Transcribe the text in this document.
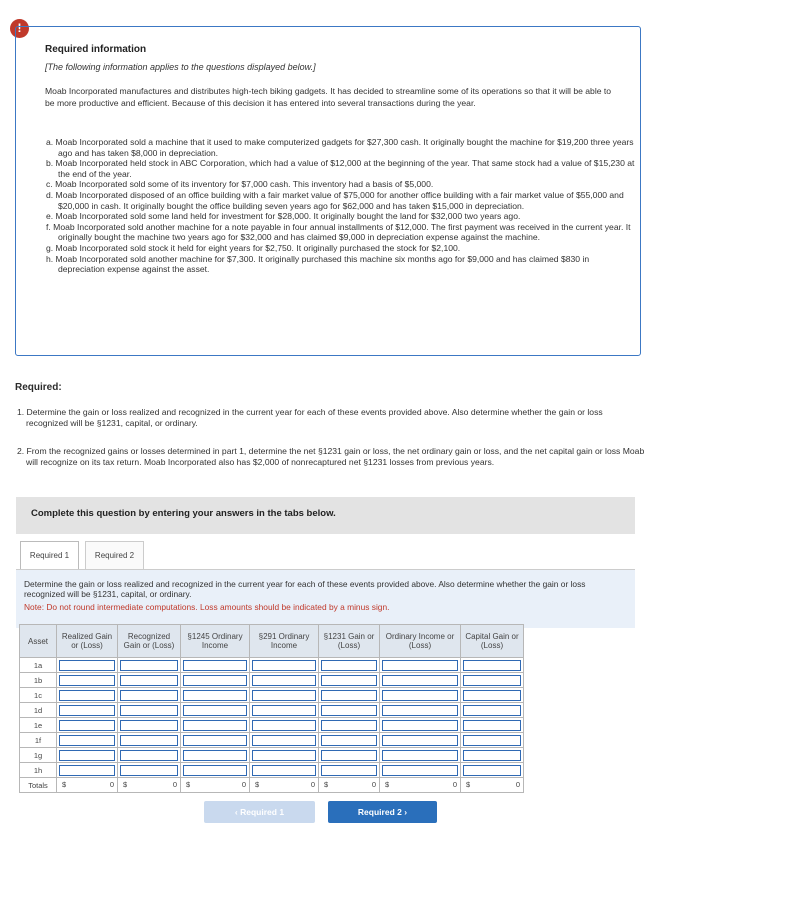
!
Required information
[The following information applies to the questions displayed below.]
Moab Incorporated manufactures and distributes high-tech biking gadgets. It has decided to streamline some of its operations so that it will be able to be more productive and efficient. Because of this decision it has entered into several transactions during the year.
a. Moab Incorporated sold a machine that it used to make computerized gadgets for $27,300 cash. It originally bought the machine for $19,200 three years ago and has taken $8,000 in depreciation.
b. Moab Incorporated held stock in ABC Corporation, which had a value of $12,000 at the beginning of the year. That same stock had a value of $15,230 at the end of the year.
c. Moab Incorporated sold some of its inventory for $7,000 cash. This inventory had a basis of $5,000.
d. Moab Incorporated disposed of an office building with a fair market value of $75,000 for another office building with a fair market value of $55,000 and $20,000 in cash. It originally bought the office building seven years ago for $62,000 and has taken $15,000 in depreciation.
e. Moab Incorporated sold some land held for investment for $28,000. It originally bought the land for $32,000 two years ago.
f. Moab Incorporated sold another machine for a note payable in four annual installments of $12,000. The first payment was received in the current year. It originally bought the machine two years ago for $32,000 and has claimed $9,000 in depreciation expense against the machine.
g. Moab Incorporated sold stock it held for eight years for $2,750. It originally purchased the stock for $2,100.
h. Moab Incorporated sold another machine for $7,300. It originally purchased this machine six months ago for $9,000 and has claimed $830 in depreciation expense against the asset.
Required:
1. Determine the gain or loss realized and recognized in the current year for each of these events provided above. Also determine whether the gain or loss recognized will be §1231, capital, or ordinary.
2. From the recognized gains or losses determined in part 1, determine the net §1231 gain or loss, the net ordinary gain or loss, and the net capital gain or loss Moab will recognize on its tax return. Moab Incorporated also has $2,000 of nonrecaptured net §1231 losses from previous years.
Complete this question by entering your answers in the tabs below.
Required 1	Required 2
Determine the gain or loss realized and recognized in the current year for each of these events provided above. Also determine whether the gain or loss recognized will be §1231, capital, or ordinary.
Note: Do not round intermediate computations. Loss amounts should be indicated by a minus sign.
Asset	Realized Gain or (Loss)	Recognized Gain or (Loss)	§1245 Ordinary Income	§291 Ordinary Income	§1231 Gain or (Loss)	Ordinary Income or (Loss)	Capital Gain or (Loss)
1a	

1b	

1c	

1d	

1e	

1f	

1g	

1h	

Totals	$ 0	$ 0	$ 0	$ 0	$ 0	$ 0	$ 0
‹ Required 1	Required 2 ›
